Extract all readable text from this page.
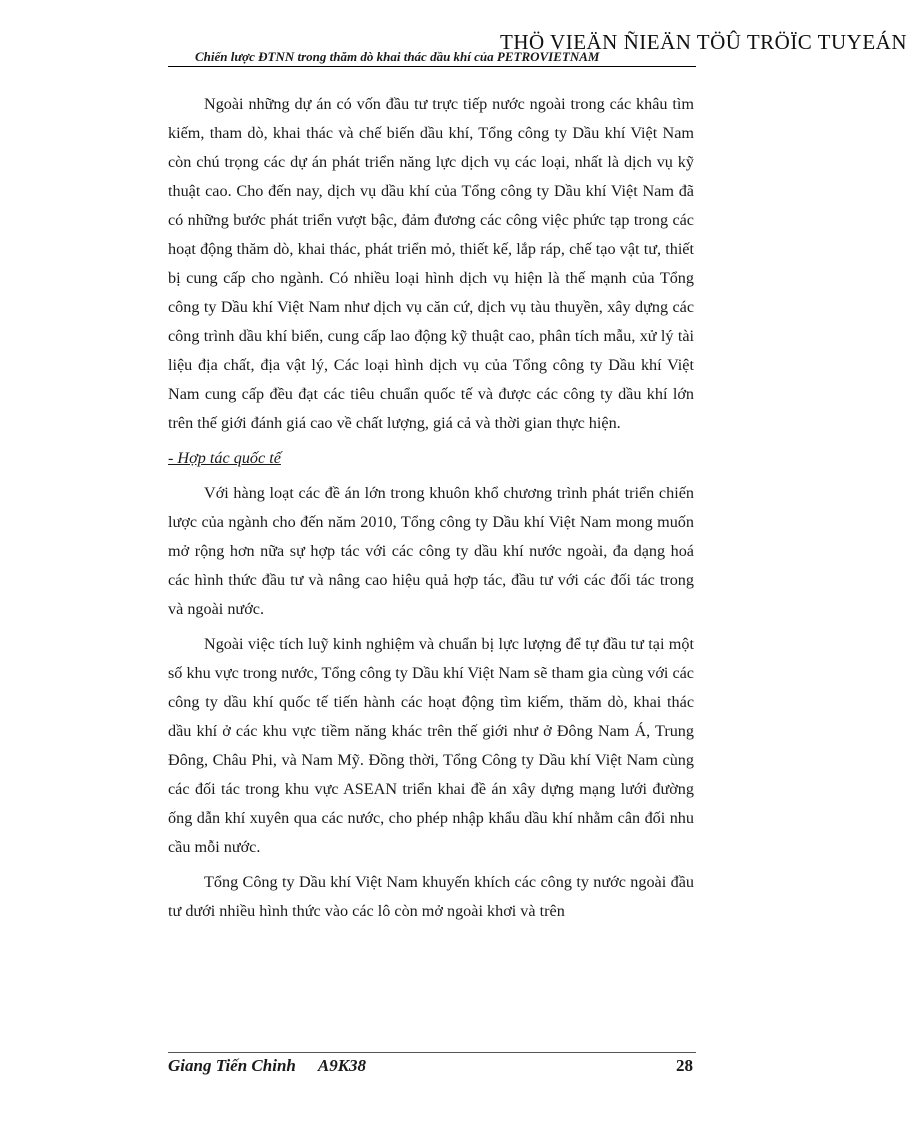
THÖ VIEÄN ÑIEÄN TÖÛ TRÖÏC TUYEÁN
Chiến lược ĐTNN trong thăm dò khai thác dầu khí của PETROVIETNAM

Ngoài những dự án có vốn đầu tư trực tiếp nước ngoài trong các khâu tìm kiếm, tham dò, khai thác và chế biến dầu khí, Tổng công ty Dầu khí Việt Nam còn chú trọng các dự án phát triển năng lực dịch vụ các loại, nhất là dịch vụ kỹ thuật cao. Cho đến nay, dịch vụ dầu khí của Tổng công ty Dầu khí Việt Nam đã có những bước phát triển vượt bậc, đảm đương các công việc phức tạp trong các hoạt động thăm dò, khai thác, phát triển mỏ, thiết kế, lắp ráp, chế tạo vật tư, thiết bị cung cấp cho ngành. Có nhiều loại hình dịch vụ hiện là thế mạnh của Tổng công ty Dầu khí Việt Nam như dịch vụ căn cứ, dịch vụ tàu thuyền, xây dựng các công trình dầu khí biển, cung cấp lao động kỹ thuật cao, phân tích mẫu, xử lý tài liệu địa chất, địa vật lý, Các loại hình dịch vụ của Tổng công ty Dầu khí Việt Nam cung cấp đều đạt các tiêu chuẩn quốc tế và được các công ty dầu khí lớn trên thế giới đánh giá cao về chất lượng, giá cả và thời gian thực hiện.

- Hợp tác quốc tế

Với hàng loạt các đề án lớn trong khuôn khổ chương trình phát triển chiến lược của ngành cho đến năm 2010, Tổng công ty Dầu khí Việt Nam mong muốn mở rộng hơn nữa sự hợp tác với các công ty dầu khí nước ngoài, đa dạng hoá các hình thức đầu tư và nâng cao hiệu quả hợp tác, đầu tư với các đối tác trong và ngoài nước.

Ngoài việc tích luỹ kinh nghiệm và chuẩn bị lực lượng để tự đầu tư tại một số khu vực trong nước, Tổng công ty Dầu khí Việt Nam sẽ tham gia cùng với các công ty dầu khí quốc tế tiến hành các hoạt động tìm kiếm, thăm dò, khai thác dầu khí ở các khu vực tiềm năng khác trên thế giới như ở Đông Nam Á, Trung Đông, Châu Phi, và Nam Mỹ. Đồng thời, Tổng Công ty Dầu khí Việt Nam cùng các đối tác trong khu vực ASEAN triển khai đề án xây dựng mạng lưới đường ống dẫn khí xuyên qua các nước, cho phép nhập khẩu dầu khí nhằm cân đối nhu cầu mỗi nước.

Tổng Công ty Dầu khí Việt Nam khuyến khích các công ty nước ngoài đầu tư dưới nhiều hình thức vào các lô còn mở ngoài khơi và trên

Giang Tiến Chinh A9K38	28
